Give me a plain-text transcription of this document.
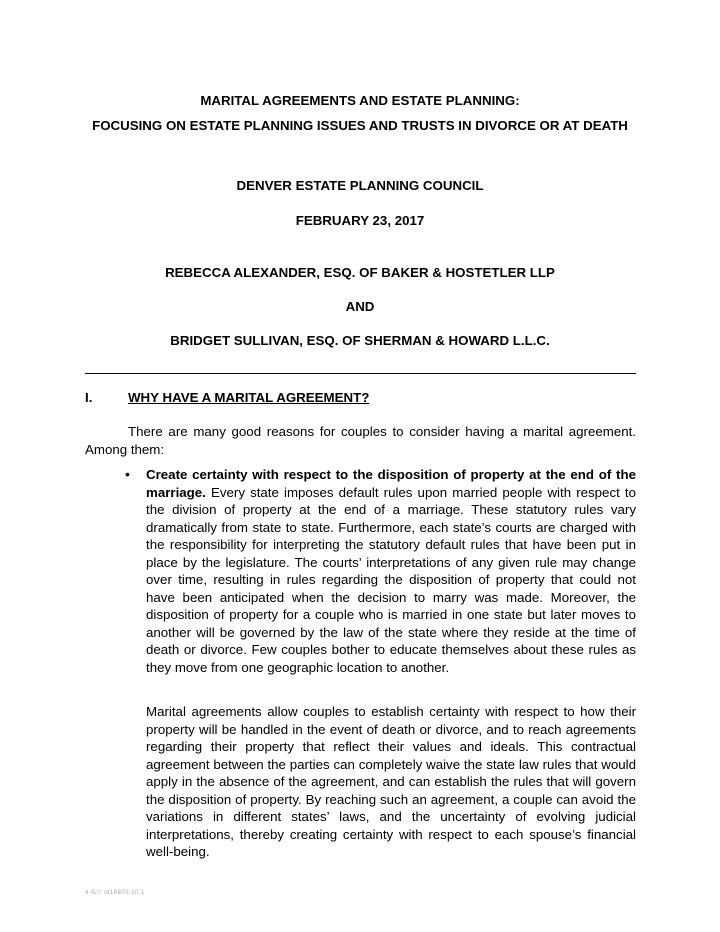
MARITAL AGREEMENTS AND ESTATE PLANNING:
FOCUSING ON ESTATE PLANNING ISSUES AND TRUSTS IN DIVORCE OR AT DEATH
DENVER ESTATE PLANNING COUNCIL
FEBRUARY 23, 2017
REBECCA ALEXANDER, ESQ. OF BAKER & HOSTETLER LLP
AND
BRIDGET SULLIVAN, ESQ. OF SHERMAN & HOWARD L.L.C.
I.	WHY HAVE A MARITAL AGREEMENT?
There are many good reasons for couples to consider having a marital agreement. Among them:
• Create certainty with respect to the disposition of property at the end of the marriage. Every state imposes default rules upon married people with respect to the division of property at the end of a marriage. These statutory rules vary dramatically from state to state. Furthermore, each state’s courts are charged with the responsibility for interpreting the statutory default rules that have been put in place by the legislature. The courts’ interpretations of any given rule may change over time, resulting in rules regarding the disposition of property that could not have been anticipated when the decision to marry was made. Moreover, the disposition of property for a couple who is married in one state but later moves to another will be governed by the law of the state where they reside at the time of death or divorce. Few couples bother to educate themselves about these rules as they move from one geographic location to another.
Marital agreements allow couples to establish certainty with respect to how their property will be handled in the event of death or divorce, and to reach agreements regarding their property that reflect their values and ideals. This contractual agreement between the parties can completely waive the state law rules that would apply in the absence of the agreement, and can establish the rules that will govern the disposition of property. By reaching such an agreement, a couple can avoid the variations in different states’ laws, and the uncertainty of evolving judicial interpretations, thereby creating certainty with respect to each spouse’s financial well-being.
4-8/// /d18609.10.1
